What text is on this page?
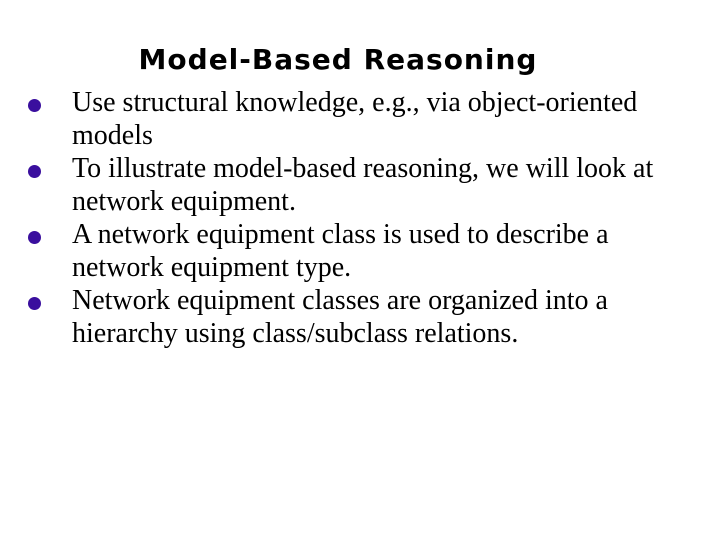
Model-Based Reasoning
Use structural knowledge, e.g., via object-oriented models
To illustrate model-based reasoning, we will look at network equipment.
A network equipment class is used to describe a network equipment type.
Network equipment classes are organized into a hierarchy using class/subclass relations.
